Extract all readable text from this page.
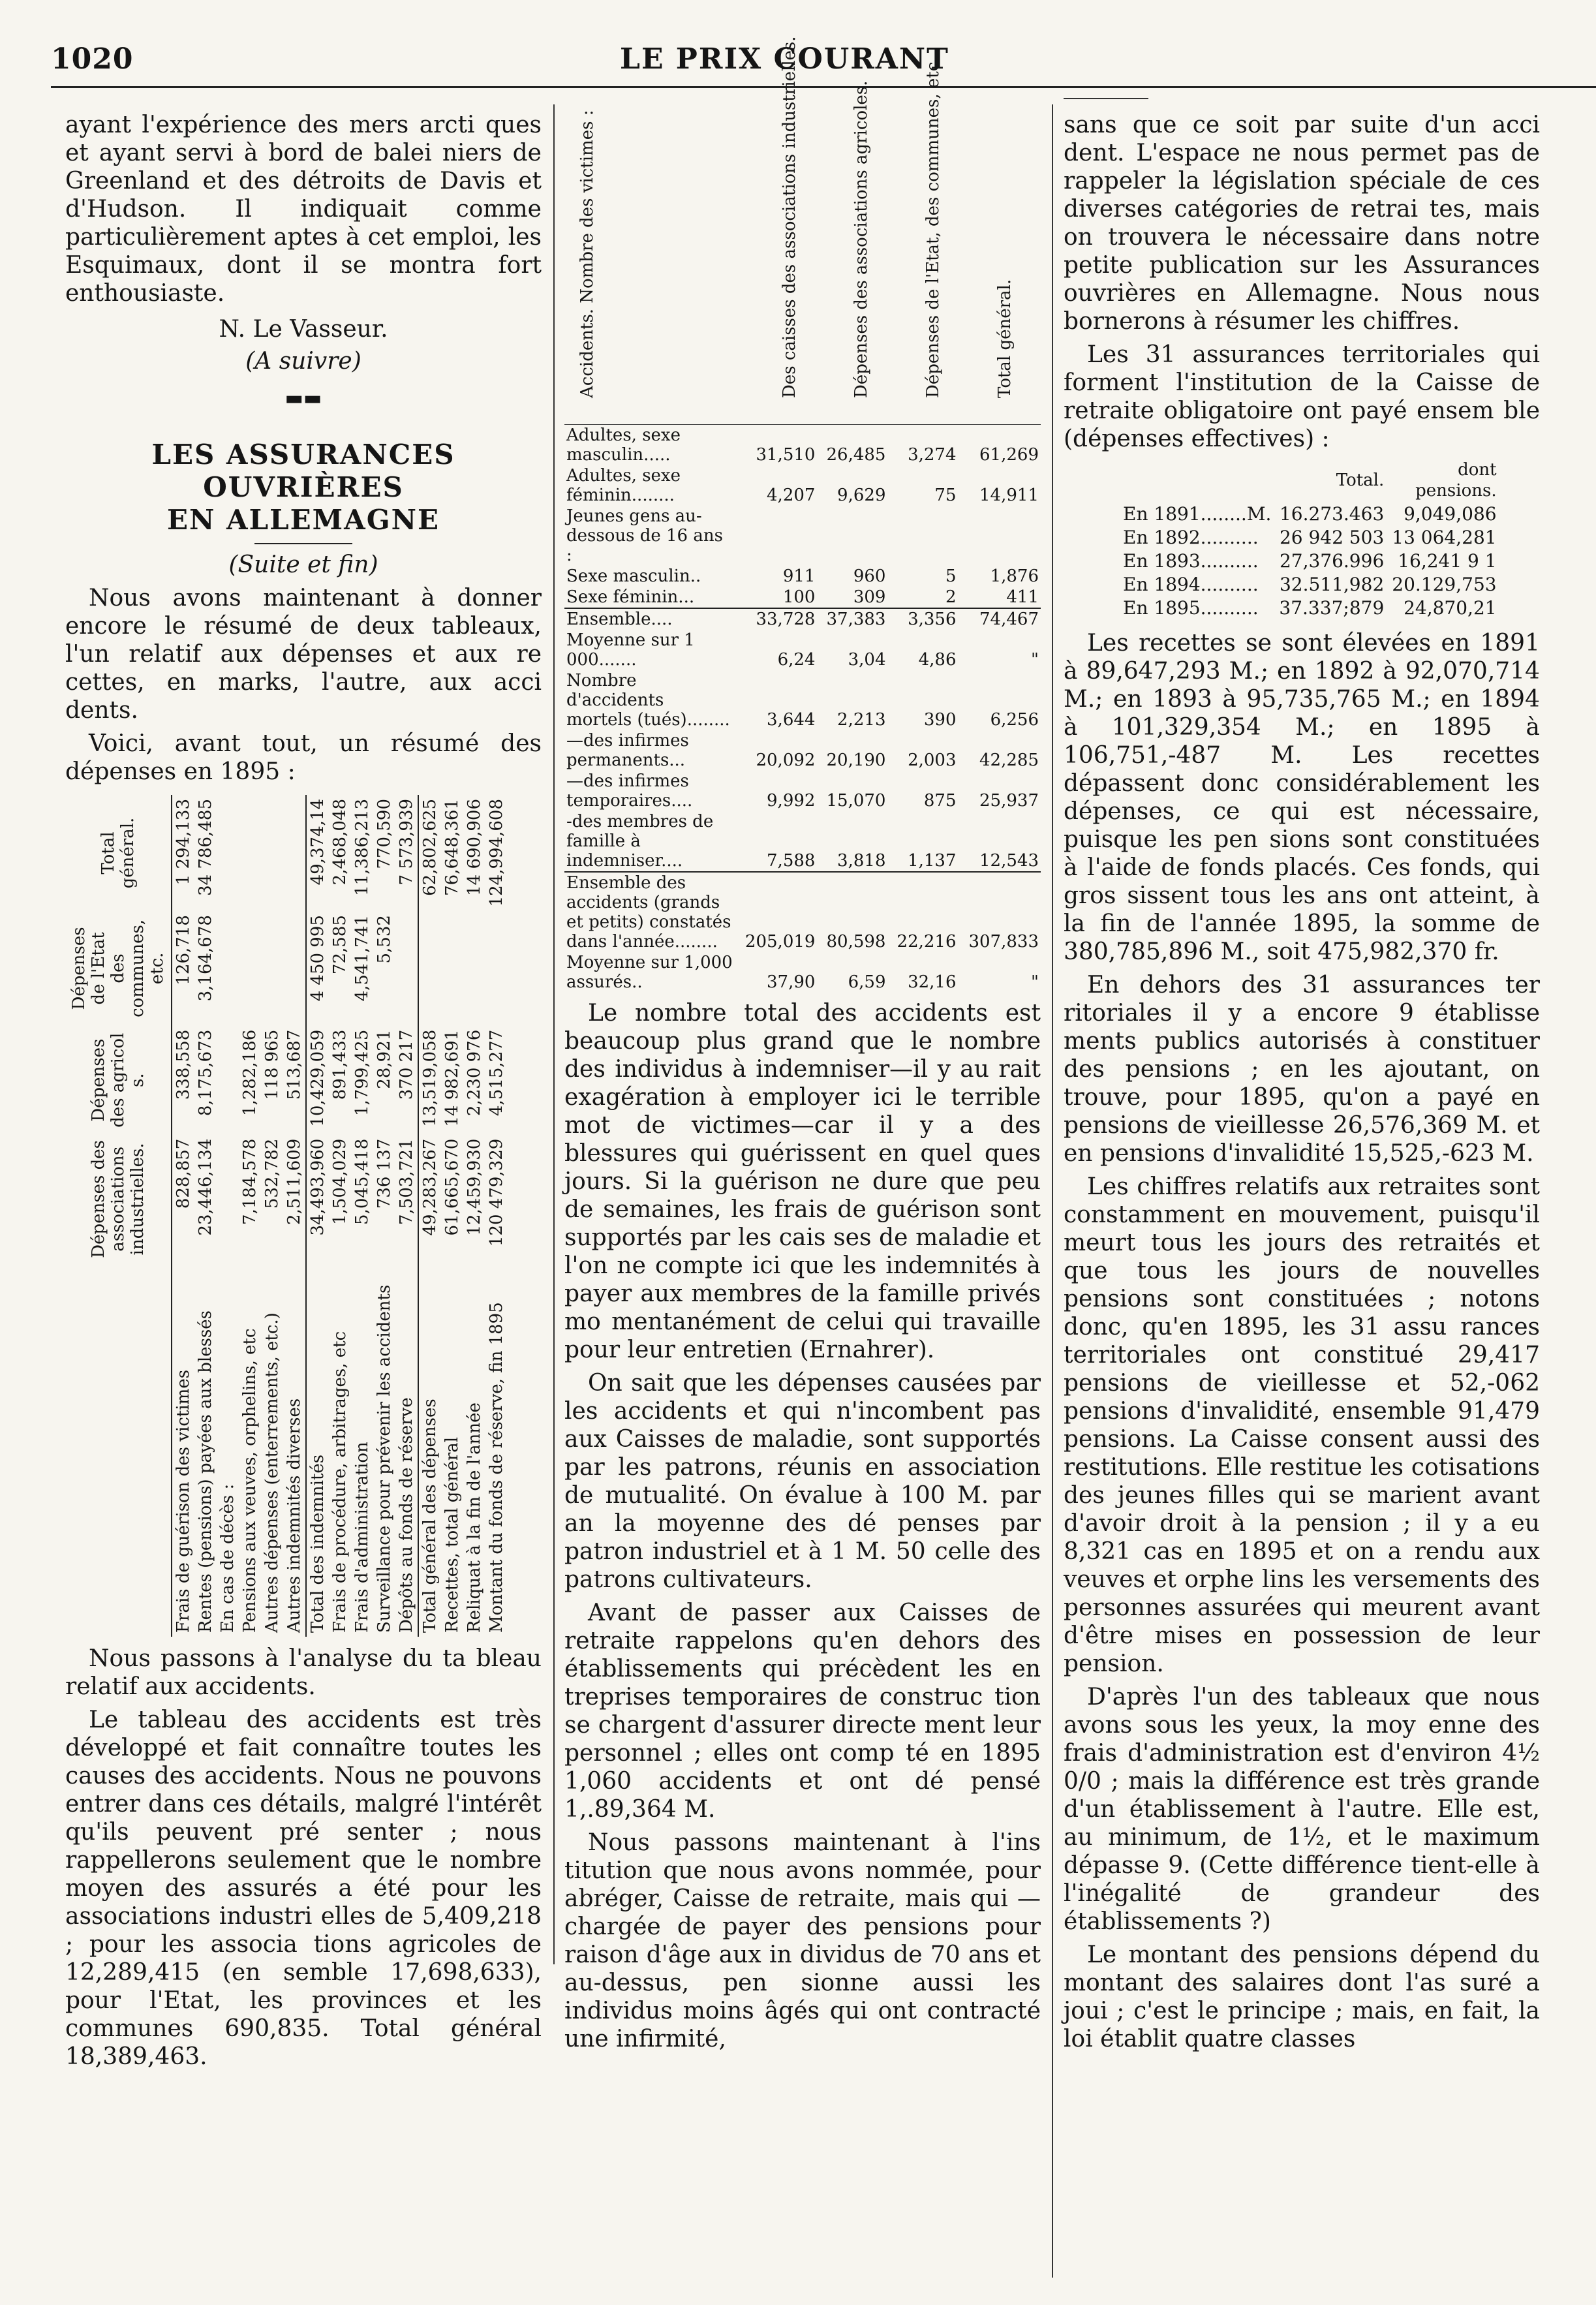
1020	LE PRIX COURANT

ayant l'expérience des mers arcti ques et ayant servi à bord de balei niers de Greenland et des détroits de Davis et d'Hudson. Il indiquait comme particulièrement aptes à cet emploi, les Esquimaux, dont il se montra fort enthousiaste.

N. Le Vasseur.

(A suivre)

▬▬
LES ASSURANCES OUVRIÈRES
EN ALLEMAGNE

(Suite et fin)

Nous avons maintenant à donner encore le résumé de deux tableaux, l'un relatif aux dépenses et aux re cettes, en marks, l'autre, aux acci dents.

Voici, avant tout, un résumé des dépenses en 1895 :

	Dépenses des associations industrielles.	Dépenses des agricol s.	Dépenses de l'Etat des communes, etc.	Total général.
Frais de guérison des victimes	828,857	338,558	126,718	1 294,133
Rentes (pensions) payées aux blessés	23,446,134	8,175,673	3,164,678	34 786,485
En cas de décès :				
Pensions aux veuves, orphelins, etc	7,184,578	1,282,186		
Autres dépenses (enterrements, etc.)	532,782	118 965		
Autres indemnités diverses	2,511,609	513,687		
Total des indemnités	34,493,960	10,429,059	4 450 995	49,374,14
Frais de procédure, arbitrages, etc	1,504,029	891,433	72,585	2,468,048
Frais d'administration	5,045,418	1,799,425	4,541,741	11,386,213
Surveillance pour prévenir les accidents	736 137	28,921	5,532	770,590
Dépôts au fonds de réserve	7,503,721	370 217		7 573,939
Total général des dépenses	49,283,267	13,519,058		62,802,625
Recettes, total général	61,665,670	14 982,691		76,648,361
Reliquat à la fin de l'année	12,459,930	2,230 976		14 690,906
Montant du fonds de réserve, fin 1895	120 479,329	4,515,277		124,994,608

Nous passons à l'analyse du ta bleau relatif aux accidents.

Le tableau des accidents est très développé et fait connaître toutes les causes des accidents. Nous ne pouvons entrer dans ces détails, malgré l'intérêt qu'ils peuvent pré senter ; nous rappellerons seulement que le nombre moyen des assurés a été pour les associations industri elles de 5,409,218 ; pour les associa tions agricoles de 12,289,415 (en semble 17,698,633), pour l'Etat, les provinces et les communes 690,835. Total général 18,389,463.

Accidents. Nombre des victimes :	Des caisses des associations industrielles.	Dépenses des associations agricoles.	Dépenses de l'Etat, des communes, etc.	Total général.
Adultes, sexe masculin.....	31,510	26,485	3,274	61,269
Adultes, sexe féminin........	4,207	9,629	75	14,911
Jeunes gens au-dessous de 16 ans :				
Sexe masculin..	911	960	5	1,876
Sexe féminin...	100	309	2	411
Ensemble....	33,728	37,383	3,356	74,467
Moyenne sur 1 000.......	6,24	3,04	4,86	"
Nombre d'accidents mortels (tués)........	3,644	2,213	390	6,256
—des infirmes permanents...	20,092	20,190	2,003	42,285
—des infirmes temporaires....	9,992	15,070	875	25,937
-des membres de famille à indemniser....	7,588	3,818	1,137	12,543
Ensemble des accidents (grands et petits) constatés dans l'année........	205,019	80,598	22,216	307,833
Moyenne sur 1,000 assurés..	37,90	6,59	32,16	"

Le nombre total des accidents est beaucoup plus grand que le nombre des individus à indemniser—il y au rait exagération à employer ici le terrible mot de victimes—car il y a des blessures qui guérissent en quel ques jours. Si la guérison ne dure que peu de semaines, les frais de guérison sont supportés par les cais ses de maladie et l'on ne compte ici que les indemnités à payer aux membres de la famille privés mo mentanément de celui qui travaille pour leur entretien (Ernahrer).

On sait que les dépenses causées par les accidents et qui n'incombent pas aux Caisses de maladie, sont supportés par les patrons, réunis en association de mutualité. On évalue à 100 M. par an la moyenne des dé penses par patron industriel et à 1 M. 50 celle des patrons cultivateurs.

Avant de passer aux Caisses de retraite rappelons qu'en dehors des établissements qui précèdent les en treprises temporaires de construc tion se chargent d'assurer directe ment leur personnel ; elles ont comp té en 1895 1,060 accidents et ont dé pensé 1,.89,364 M.

Nous passons maintenant à l'ins titution que nous avons nommée, pour abréger, Caisse de retraite, mais qui — chargée de payer des pensions pour raison d'âge aux in dividus de 70 ans et au-dessus, pen sionne aussi les individus moins âgés qui ont contracté une infirmité,

sans que ce soit par suite d'un acci dent. L'espace ne nous permet pas de rappeler la législation spéciale de ces diverses catégories de retrai tes, mais on trouvera le nécessaire dans notre petite publication sur les Assurances ouvrières en Allemagne. Nous nous bornerons à résumer les chiffres.

Les 31 assurances territoriales qui forment l'institution de la Caisse de retraite obligatoire ont payé ensem ble (dépenses effectives) :

	Total.	dont pensions.
En 1891........M.	16.273.463	9,049,086
En 1892..........	26 942 503	13 064,281
En 1893..........	27,376.996	16,241 9 1
En 1894..........	32.511,982	20.129,753
En 1895..........	37.337;879	24,870,21

Les recettes se sont élevées en 1891 à 89,647,293 M.; en 1892 à 92,070,714 M.; en 1893 à 95,735,765 M.; en 1894 à 101,329,354 M.; en 1895 à 106,751,-487 M. Les recettes dépassent donc considérablement les dépenses, ce qui est nécessaire, puisque les pen sions sont constituées à l'aide de fonds placés. Ces fonds, qui gros sissent tous les ans ont atteint, à la fin de l'année 1895, la somme de 380,785,896 M., soit 475,982,370 fr.

En dehors des 31 assurances ter ritoriales il y a encore 9 établisse ments publics autorisés à constituer des pensions ; en les ajoutant, on trouve, pour 1895, qu'on a payé en pensions de vieillesse 26,576,369 M. et en pensions d'invalidité 15,525,-623 M.

Les chiffres relatifs aux retraites sont constamment en mouvement, puisqu'il meurt tous les jours des retraités et que tous les jours de nouvelles pensions sont constituées ; notons donc, qu'en 1895, les 31 assu rances territoriales ont constitué 29,417 pensions de vieillesse et 52,-062 pensions d'invalidité, ensemble 91,479 pensions. La Caisse consent aussi des restitutions. Elle restitue les cotisations des jeunes filles qui se marient avant d'avoir droit à la pension ; il y a eu 8,321 cas en 1895 et on a rendu aux veuves et orphe lins les versements des personnes assurées qui meurent avant d'être mises en possession de leur pension.

D'après l'un des tableaux que nous avons sous les yeux, la moy enne des frais d'administration est d'environ 4½ 0/0 ; mais la différence est très grande d'un établissement à l'autre. Elle est, au minimum, de 1½, et le maximum dépasse 9. (Cette différence tient-elle à l'inégalité de grandeur des établissements ?)

Le montant des pensions dépend du montant des salaires dont l'as suré a joui ; c'est le principe ; mais, en fait, la loi établit quatre classes
